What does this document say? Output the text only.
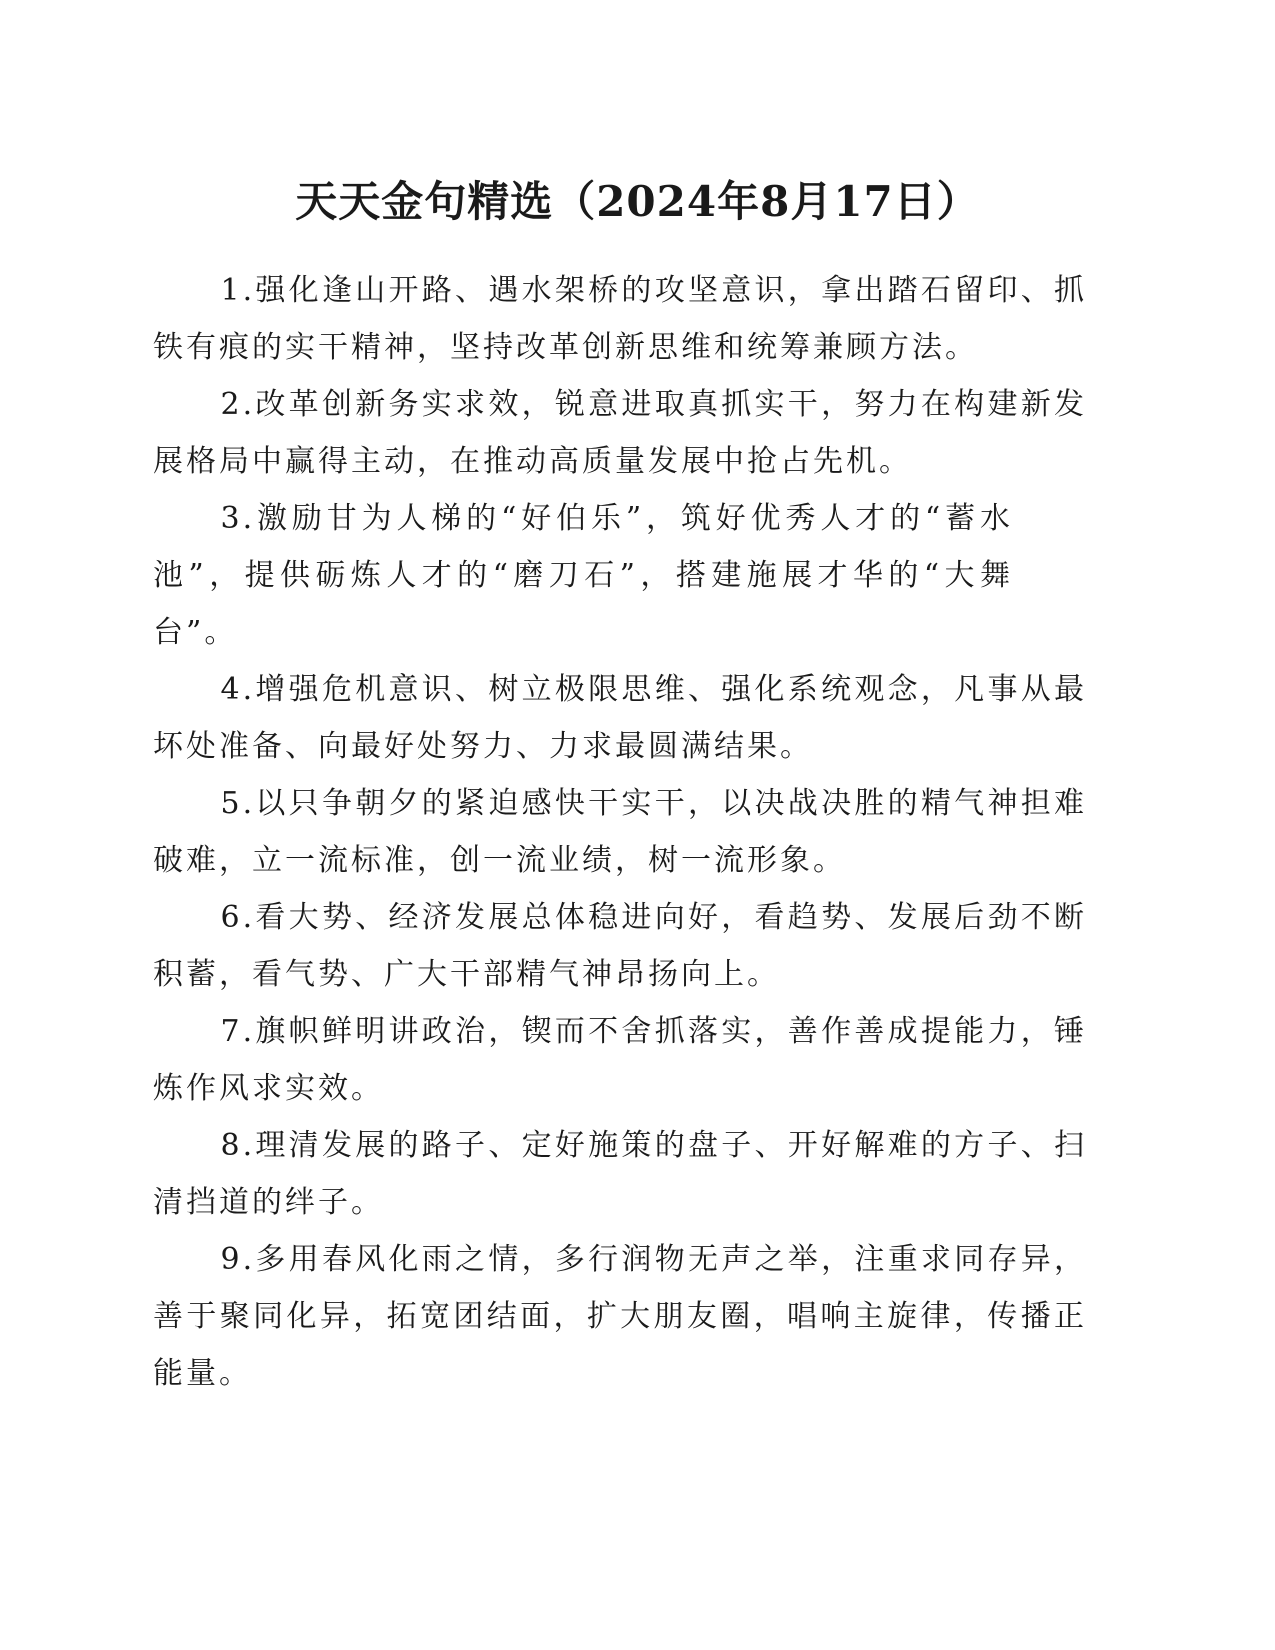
天天金句精选（2024年8月17日）

1.强化逢山开路、遇水架桥的攻坚意识，拿出踏石留印、抓铁有痕的实干精神，坚持改革创新思维和统筹兼顾方法。

2.改革创新务实求效，锐意进取真抓实干，努力在构建新发展格局中赢得主动，在推动高质量发展中抢占先机。

3.激励甘为人梯的“好伯乐”，筑好优秀人才的“蓄水池”，提供砺炼人才的“磨刀石”，搭建施展才华的“大舞台”。

4.增强危机意识、树立极限思维、强化系统观念，凡事从最坏处准备、向最好处努力、力求最圆满结果。

5.以只争朝夕的紧迫感快干实干，以决战决胜的精气神担难破难，立一流标准，创一流业绩，树一流形象。

6.看大势、经济发展总体稳进向好，看趋势、发展后劲不断积蓄，看气势、广大干部精气神昂扬向上。

7.旗帜鲜明讲政治，锲而不舍抓落实，善作善成提能力，锤炼作风求实效。

8.理清发展的路子、定好施策的盘子、开好解难的方子、扫清挡道的绊子。

9.多用春风化雨之情，多行润物无声之举，注重求同存异，善于聚同化异，拓宽团结面，扩大朋友圈，唱响主旋律，传播正能量。
